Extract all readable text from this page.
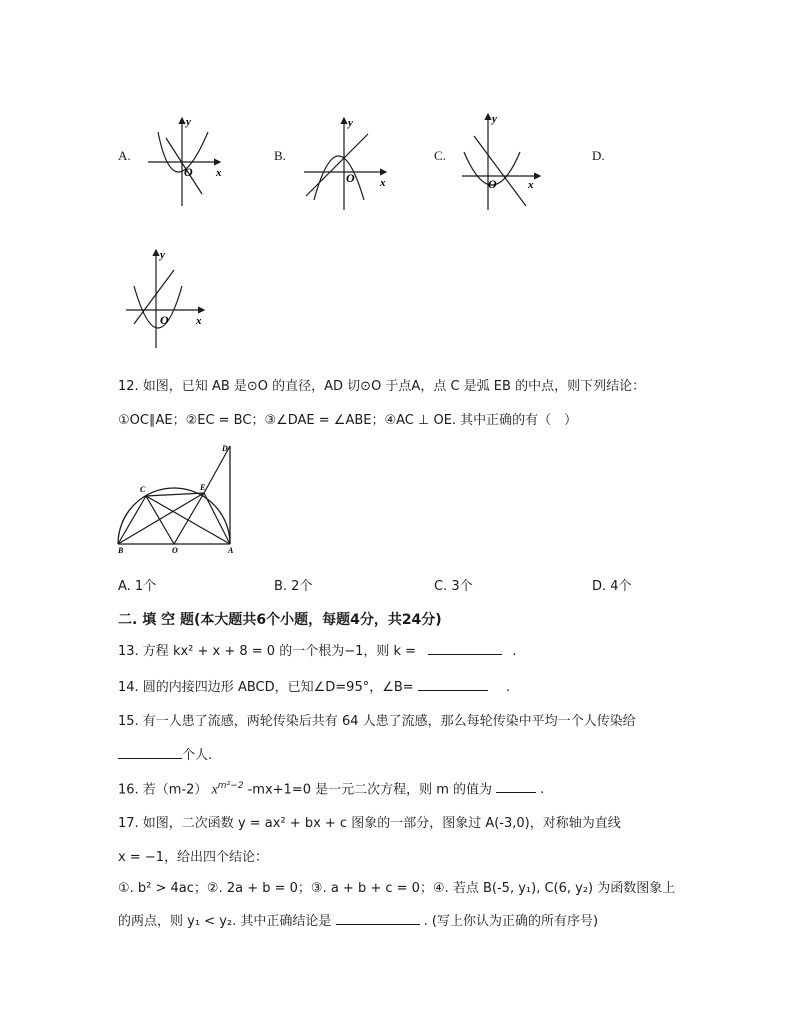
A.	B.	C.	D.
y
x
O
y
x
O
y
x
O
y
x
O
12. 如图，已知 AB 是⊙O 的直径，AD 切⊙O 于点A，点 C 是弧 EB 的中点，则下列结论：
①OC∥AE；②EC = BC；③∠DAE = ∠ABE；④AC ⊥ OE. 其中正确的有（　）
D
C	E
B	O	A
A. 1个	B. 2个	C. 3个	D. 4个
二. 填 空 题(本大题共6个小题，每题4分，共24分)
13. 方程 kx² + x + 8 = 0 的一个根为−1，则 k =	.
14. 圆的内接四边形 ABCD，已知∠D=95°，∠B=	.
15. 有一人患了流感，两轮传染后共有 64 人患了流感，那么每轮传染中平均一个人传染给
个人.
16. 若（m-2） $x^{m^2-2}$ -mx+1=0 是一元二次方程，则 m 的值为	.
17. 如图，二次函数 y = ax² + bx + c 图象的一部分，图象过 A(-3,0)，对称轴为直线
x = −1，给出四个结论：
①. b² > 4ac；②. 2a + b = 0；③. a + b + c = 0；④. 若点 B(-5, y₁), C(6, y₂) 为函数图象上
的两点，则 y₁ < y₂. 其中正确结论是	. (写上你认为正确的所有序号)
